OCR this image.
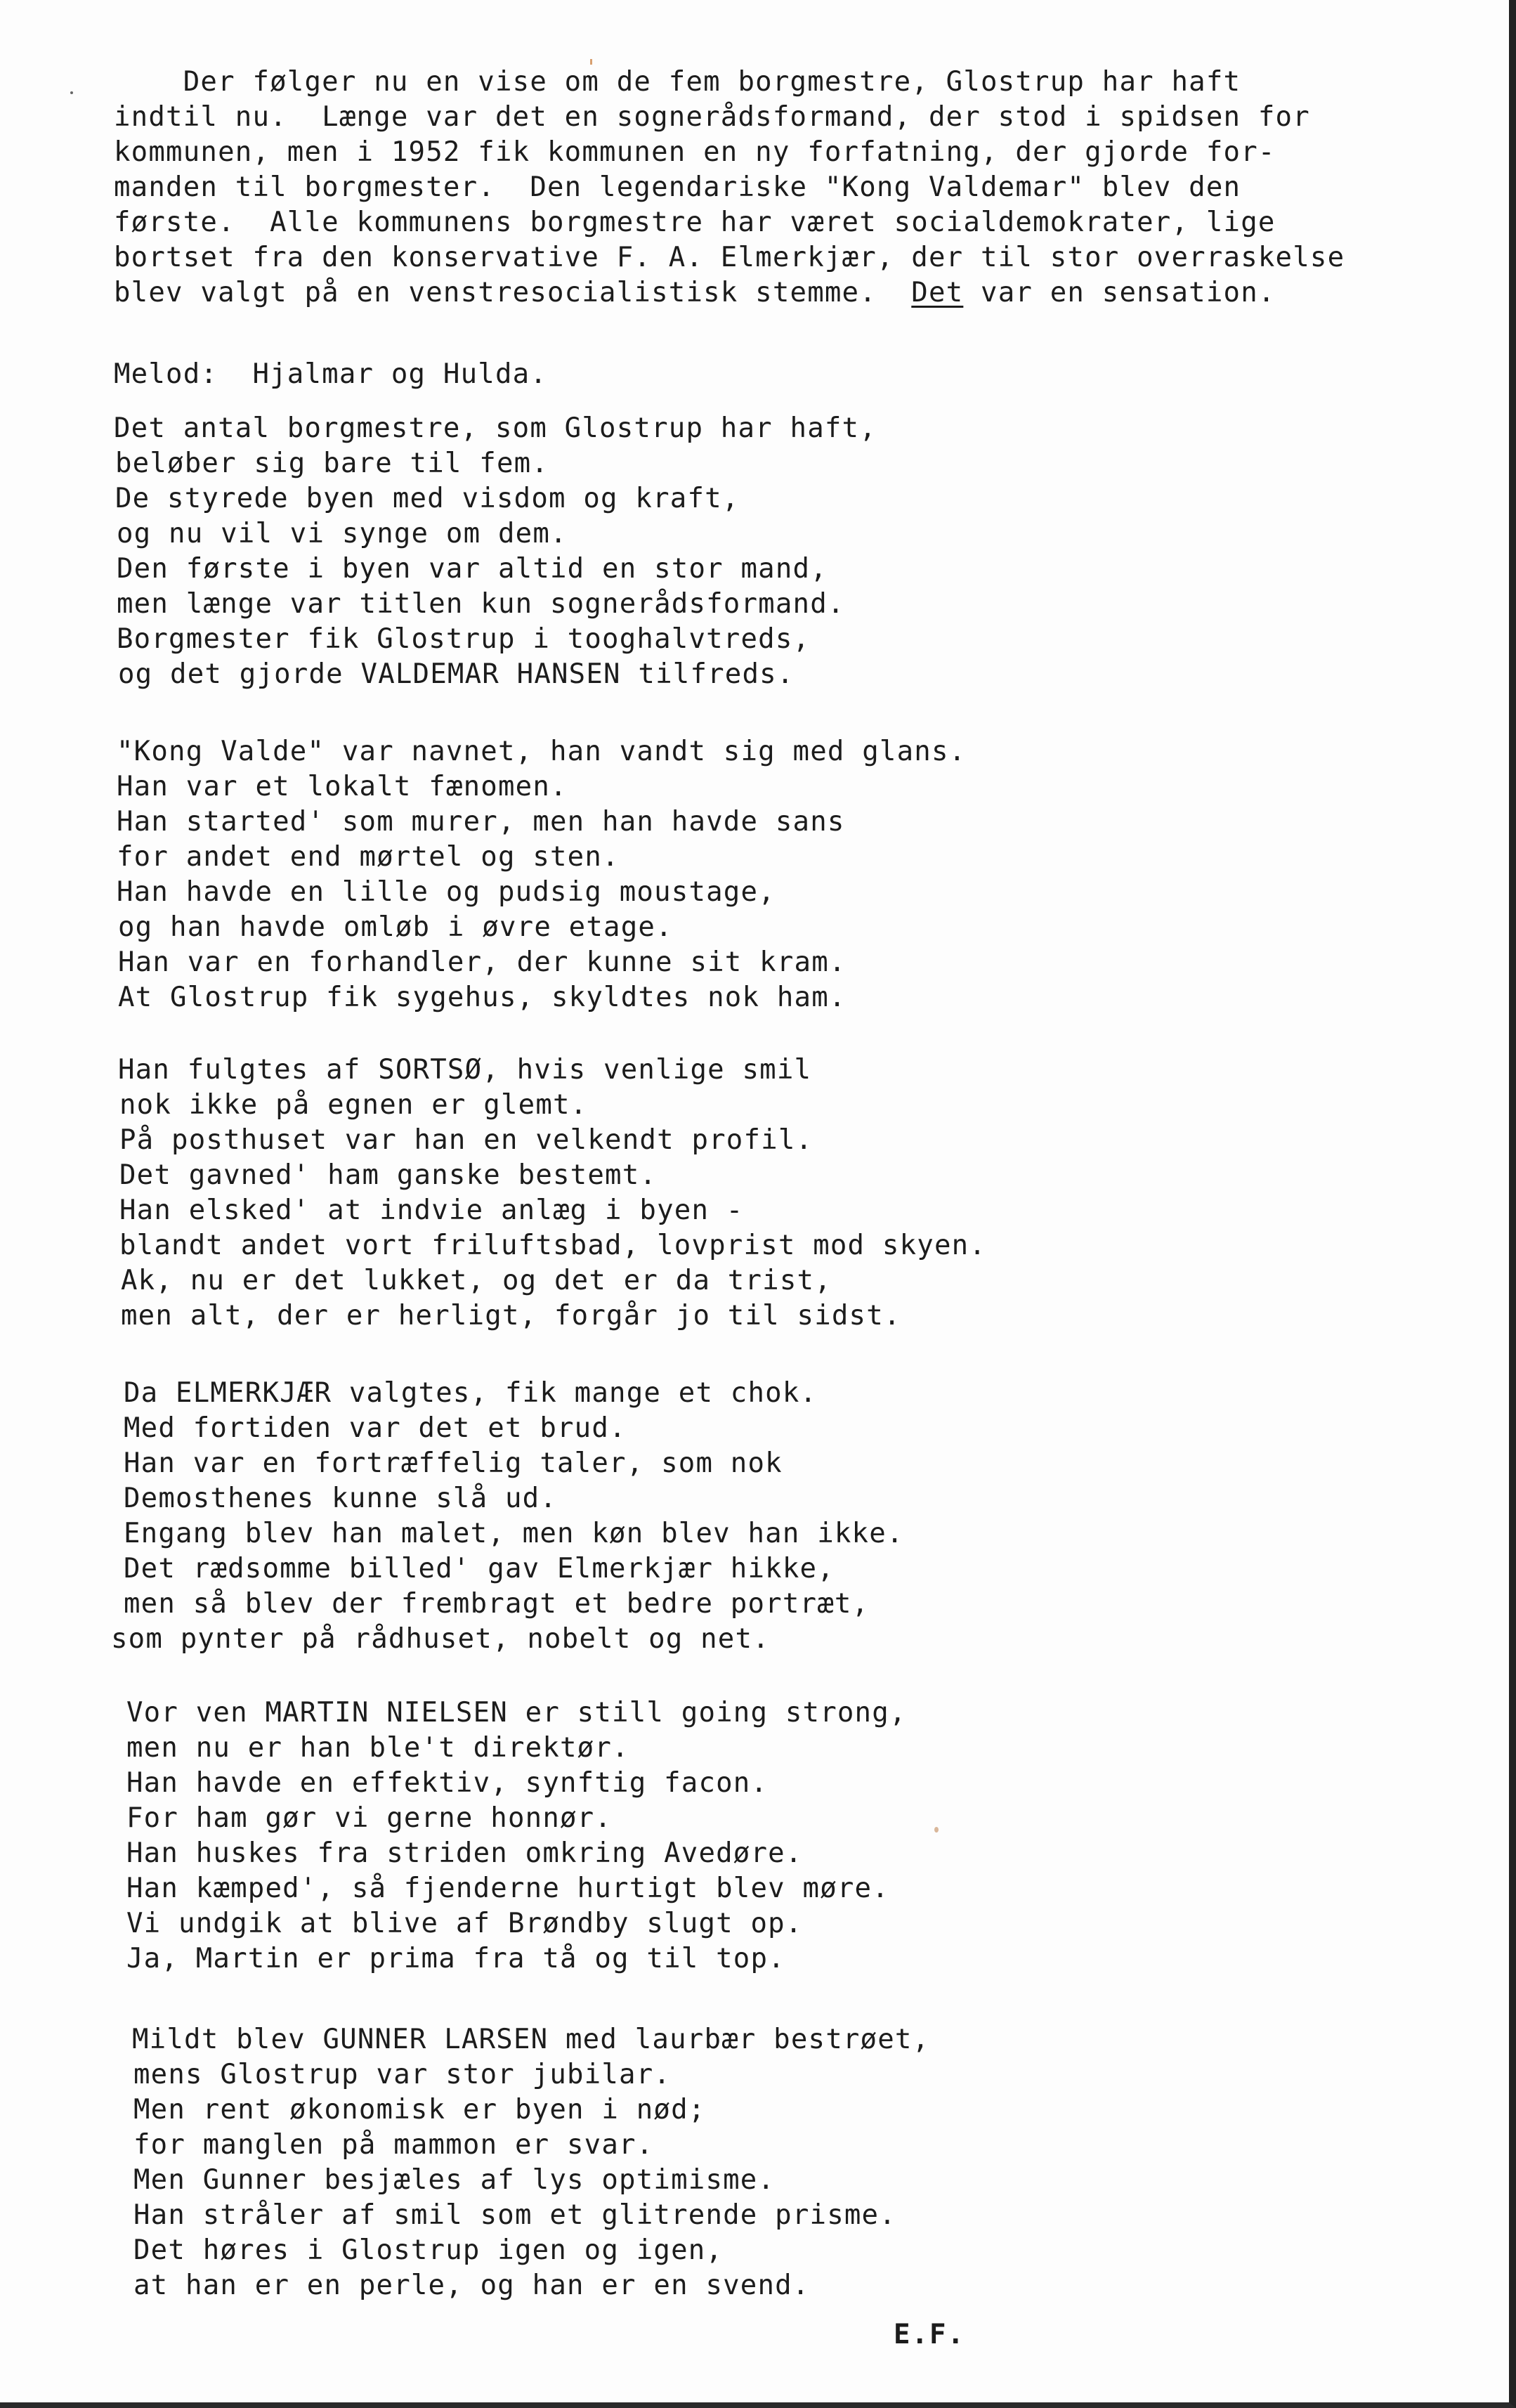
Der følger nu en vise om de fem borgmestre, Glostrup har haft
indtil nu.  Længe var det en sognerådsformand, der stod i spidsen for
kommunen, men i 1952 fik kommunen en ny forfatning, der gjorde for-
manden til borgmester.  Den legendariske "Kong Valdemar" blev den
første.  Alle kommunens borgmestre har været socialdemokrater, lige
bortset fra den konservative F. A. Elmerkjær, der til stor overraskelse
blev valgt på en venstresocialistisk stemme.  Det var en sensation.
Melod:  Hjalmar og Hulda.
Det antal borgmestre, som Glostrup har haft,
beløber sig bare til fem.
De styrede byen med visdom og kraft,
og nu vil vi synge om dem.
Den første i byen var altid en stor mand,
men længe var titlen kun sognerådsformand.
Borgmester fik Glostrup i tooghalvtreds,
og det gjorde VALDEMAR HANSEN tilfreds.
"Kong Valde" var navnet, han vandt sig med glans.
Han var et lokalt fænomen.
Han started' som murer, men han havde sans
for andet end mørtel og sten.
Han havde en lille og pudsig moustage,
og han havde omløb i øvre etage.
Han var en forhandler, der kunne sit kram.
At Glostrup fik sygehus, skyldtes nok ham.
Han fulgtes af SORTSØ, hvis venlige smil
nok ikke på egnen er glemt.
På posthuset var han en velkendt profil.
Det gavned' ham ganske bestemt.
Han elsked' at indvie anlæg i byen -
blandt andet vort friluftsbad, lovprist mod skyen.
Ak, nu er det lukket, og det er da trist,
men alt, der er herligt, forgår jo til sidst.
Da ELMERKJÆR valgtes, fik mange et chok.
Med fortiden var det et brud.
Han var en fortræffelig taler, som nok
Demosthenes kunne slå ud.
Engang blev han malet, men køn blev han ikke.
Det rædsomme billed' gav Elmerkjær hikke,
men så blev der frembragt et bedre portræt,
som pynter på rådhuset, nobelt og net.
Vor ven MARTIN NIELSEN er still going strong,
men nu er han ble't direktør.
Han havde en effektiv, synftig facon.
For ham gør vi gerne honnør.
Han huskes fra striden omkring Avedøre.
Han kæmped', så fjenderne hurtigt blev møre.
Vi undgik at blive af Brøndby slugt op.
Ja, Martin er prima fra tå og til top.
Mildt blev GUNNER LARSEN med laurbær bestrøet,
mens Glostrup var stor jubilar.
Men rent økonomisk er byen i nød;
for manglen på mammon er svar.
Men Gunner besjæles af lys optimisme.
Han stråler af smil som et glitrende prisme.
Det høres i Glostrup igen og igen,
at han er en perle, og han er en svend.
E.F.
